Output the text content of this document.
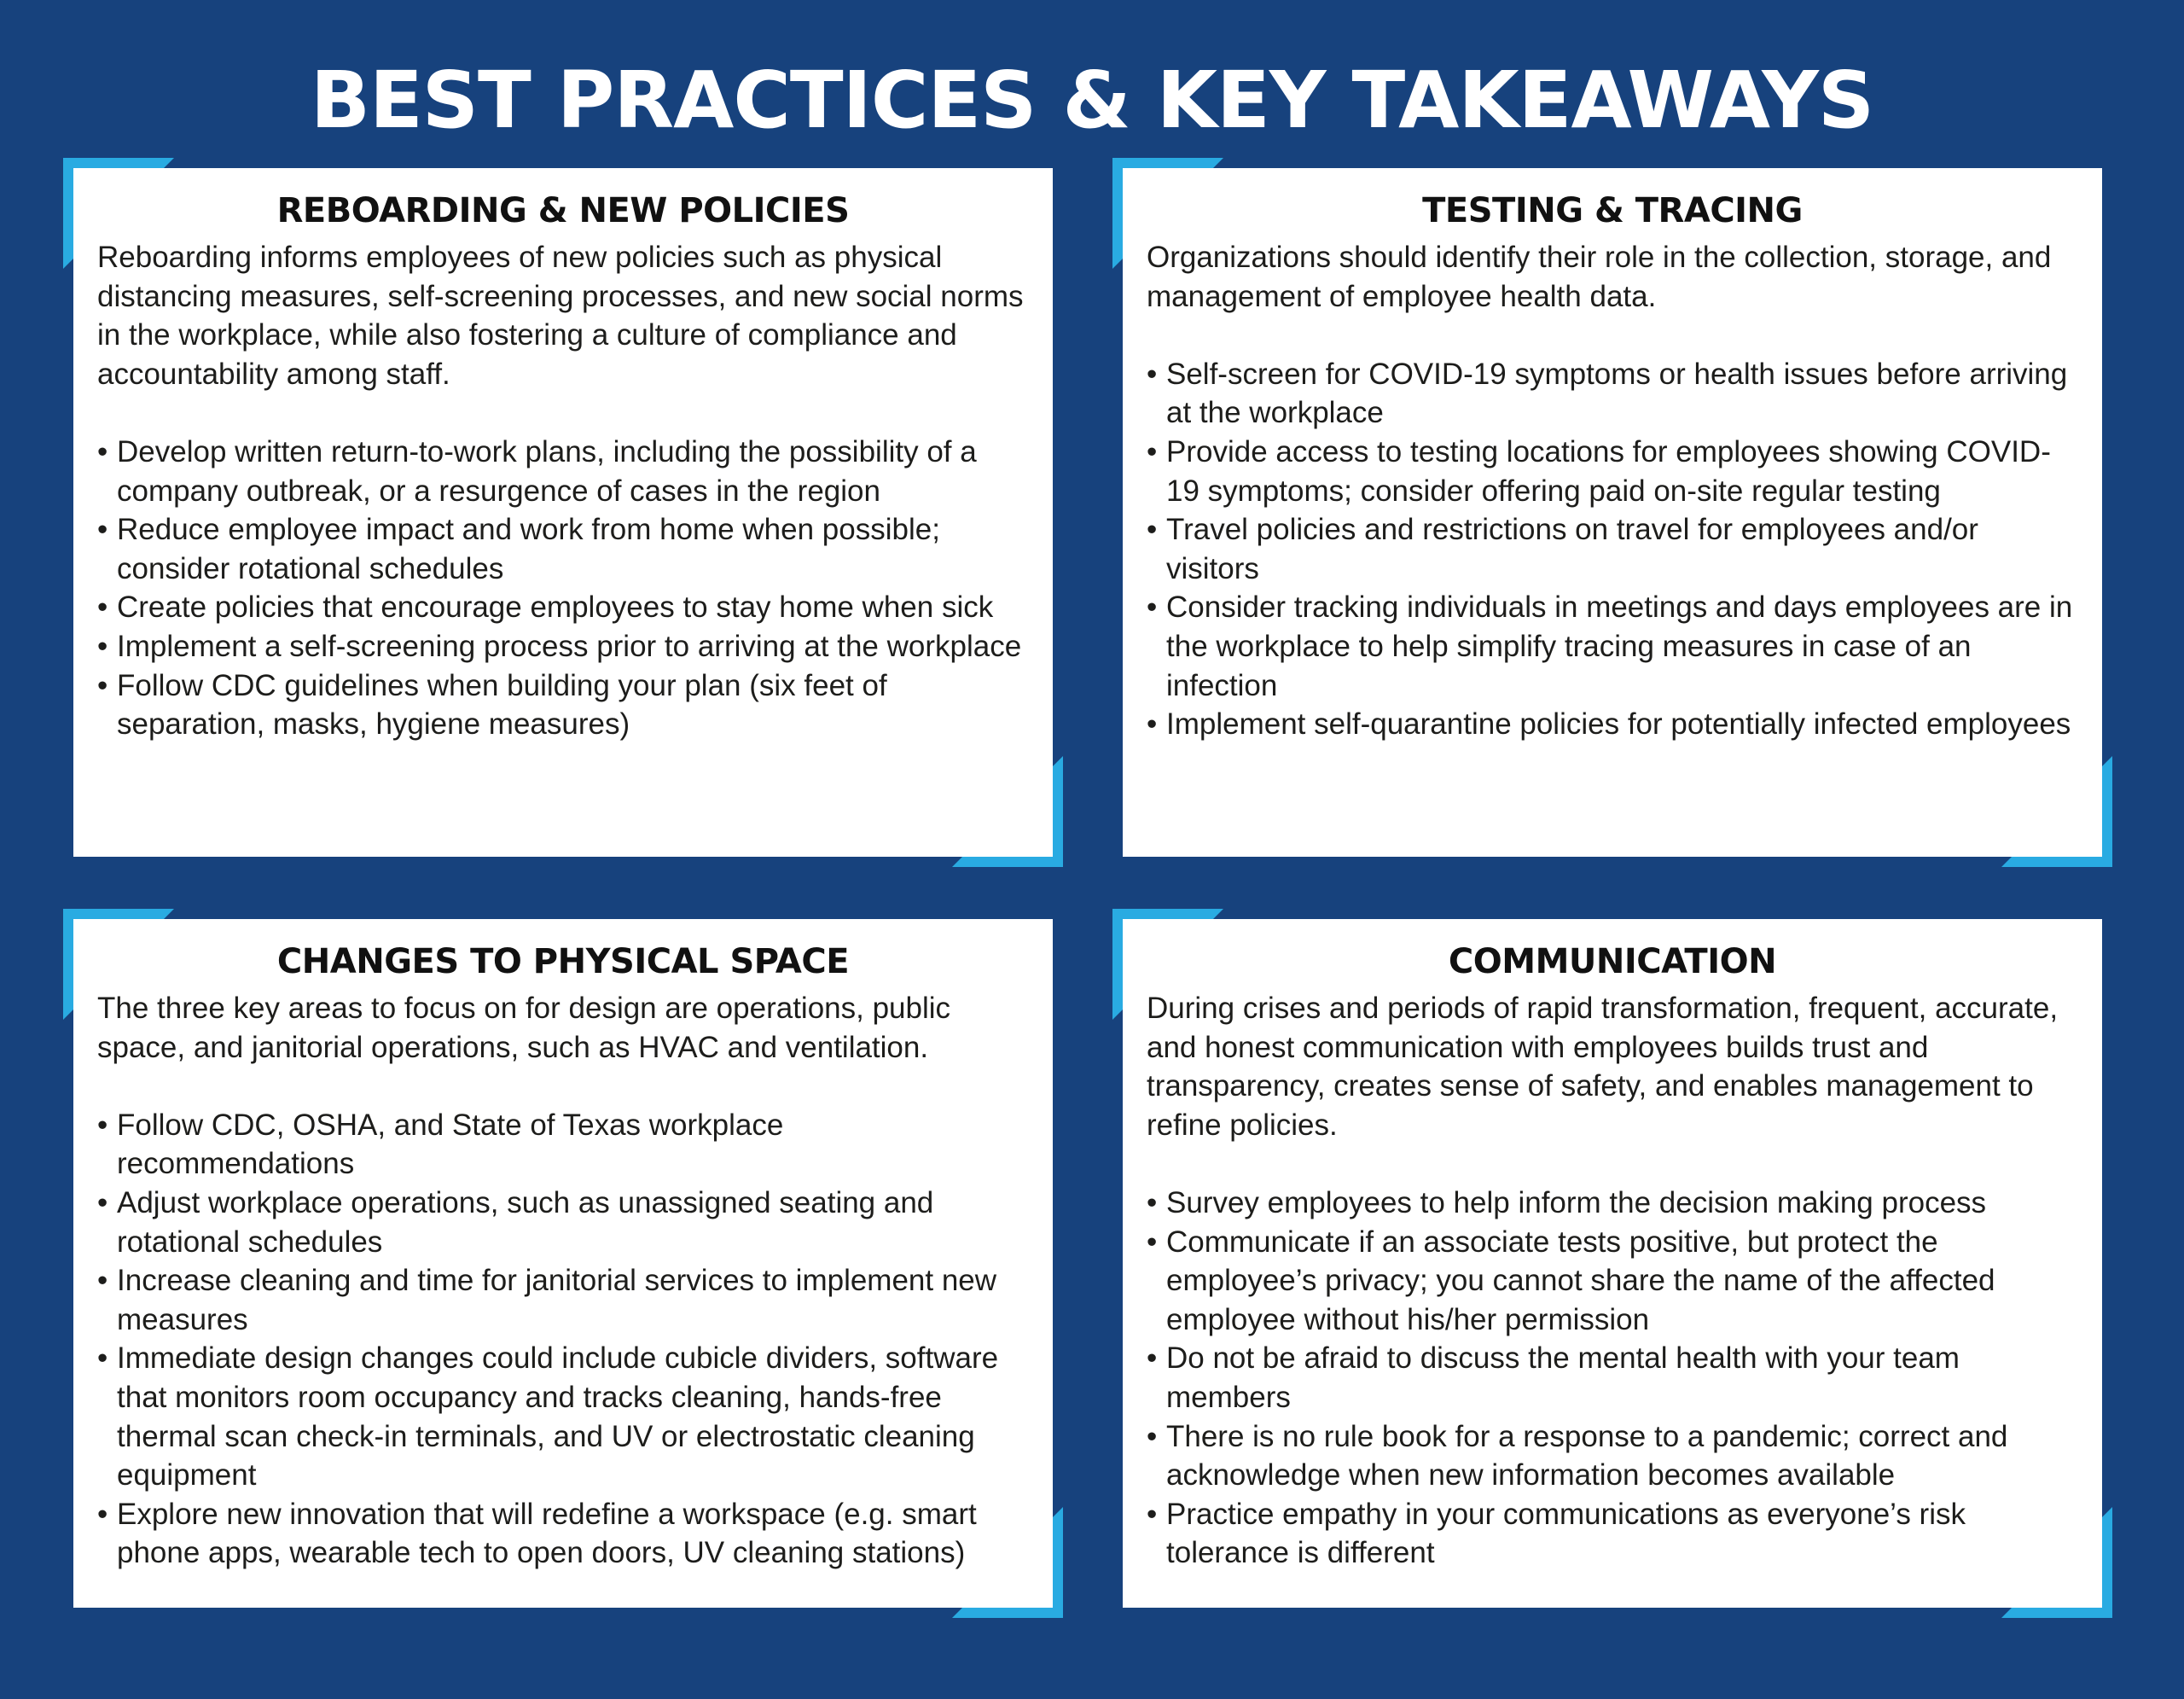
BEST PRACTICES & KEY TAKEAWAYS
REBOARDING & NEW POLICIES

Reboarding informs employees of new policies such as physical distancing measures, self-screening processes, and new social norms in the workplace, while also fostering a culture of compliance and accountability among staff.

• Develop written return-to-work plans, including the possibility of a company outbreak, or a resurgence of cases in the region
• Reduce employee impact and work from home when possible; consider rotational schedules
• Create policies that encourage employees to stay home when sick
• Implement a self-screening process prior to arriving at the workplace
• Follow CDC guidelines when building your plan (six feet of separation, masks, hygiene measures)
TESTING & TRACING

Organizations should identify their role in the collection, storage, and management of employee health data.

• Self-screen for COVID-19 symptoms or health issues before arriving at the workplace
• Provide access to testing locations for employees showing COVID-19 symptoms; consider offering paid on-site regular testing
• Travel policies and restrictions on travel for employees and/or visitors
• Consider tracking individuals in meetings and days employees are in the workplace to help simplify tracing measures in case of an infection
• Implement self-quarantine policies for potentially infected employees
CHANGES TO PHYSICAL SPACE

The three key areas to focus on for design are operations, public space, and janitorial operations, such as HVAC and ventilation.

• Follow CDC, OSHA, and State of Texas workplace recommendations
• Adjust workplace operations, such as unassigned seating and rotational schedules
• Increase cleaning and time for janitorial services to implement new measures
• Immediate design changes could include cubicle dividers, software that monitors room occupancy and tracks cleaning, hands-free thermal scan check-in terminals, and UV or electrostatic cleaning equipment
• Explore new innovation that will redefine a workspace (e.g. smart phone apps, wearable tech to open doors, UV cleaning stations)
COMMUNICATION

During crises and periods of rapid transformation, frequent, accurate, and honest communication with employees builds trust and transparency, creates sense of safety, and enables management to refine policies.

• Survey employees to help inform the decision making process
• Communicate if an associate tests positive, but protect the employee’s privacy; you cannot share the name of the affected employee without his/her permission
• Do not be afraid to discuss the mental health with your team members
• There is no rule book for a response to a pandemic; correct and acknowledge when new information becomes available
• Practice empathy in your communications as everyone’s risk tolerance is different
